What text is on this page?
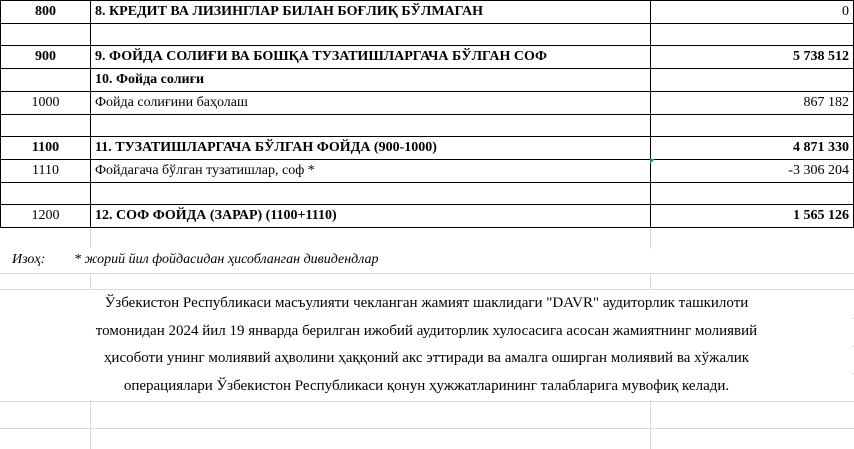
800	8. КРЕДИТ ВА ЛИЗИНГЛАР БИЛАН БОҒЛИҚ БЎЛМАГАН	0

900	9. ФОЙДА СОЛИҒИ ВА БОШҚА ТУЗАТИШЛАРГАЧА БЎЛГАН СОФ	5 738 512
	10. Фойда солиғи	
1000	Фойда солиғини баҳолаш	867 182

1100	11. ТУЗАТИШЛАРГАЧА БЎЛГАН ФОЙДА (900-1000)	4 871 330
1110	Фойдагача бўлган тузатишлар, соф *	-3 306 204

1200	12. СОФ ФОЙДА (ЗАРАР) (1100+1110)	1 565 126
Изоҳ: * жорий йил фойдасидан ҳисобланган дивидендлар
Ўзбекистон Республикаси масъулияти чекланган жамият шаклидаги "DAVR" аудиторлик ташкилоти
томонидан 2024 йил 19 январда берилган ижобий аудиторлик хулосасига асосан жамиятнинг молиявий
ҳисоботи унинг молиявий аҳволини ҳаққоний акс эттиради ва амалга оширган молиявий ва хўжалик
операциялари Ўзбекистон Республикаси қонун ҳужжатларининг талабларига мувофиқ келади.
